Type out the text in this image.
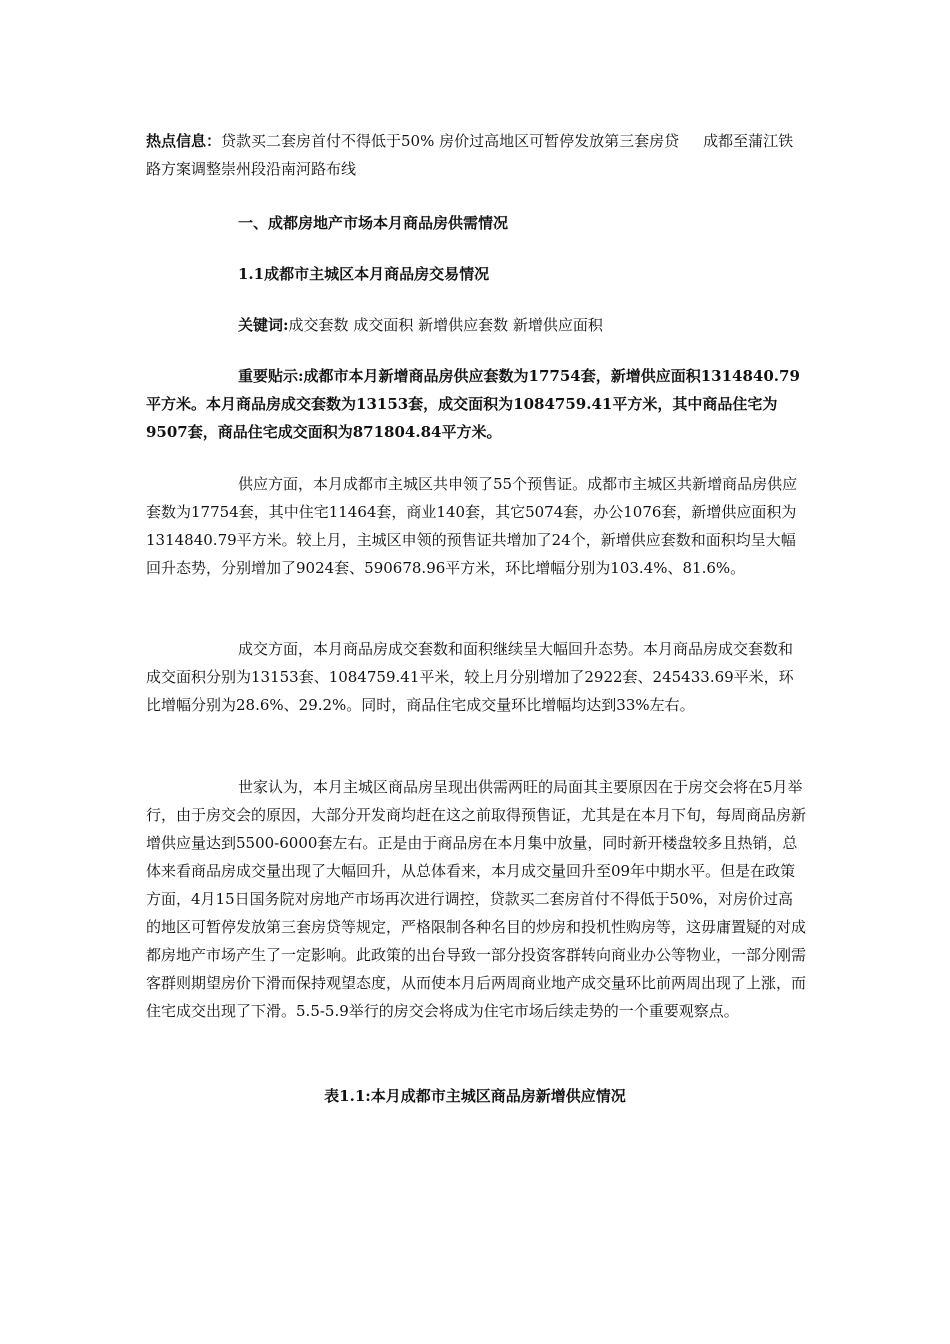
热点信息：贷款买二套房首付不得低于50% 房价过高地区可暂停发放第三套房贷 成都至蒲江铁路方案调整崇州段沿南河路布线
一、成都房地产市场本月商品房供需情况
1.1成都市主城区本月商品房交易情况
关键词:成交套数 成交面积 新增供应套数 新增供应面积
重要贴示:成都市本月新增商品房供应套数为17754套，新增供应面积1314840.79平方米。本月商品房成交套数为13153套，成交面积为1084759.41平方米，其中商品住宅为9507套，商品住宅成交面积为871804.84平方米。
供应方面，本月成都市主城区共申领了55个预售证。成都市主城区共新增商品房供应套数为17754套，其中住宅11464套，商业140套，其它5074套，办公1076套，新增供应面积为1314840.79平方米。较上月，主城区申领的预售证共增加了24个，新增供应套数和面积均呈大幅回升态势，分别增加了9024套、590678.96平方米，环比增幅分别为103.4%、81.6%。
成交方面，本月商品房成交套数和面积继续呈大幅回升态势。本月商品房成交套数和成交面积分别为13153套、1084759.41平米，较上月分别增加了2922套、245433.69平米，环比增幅分别为28.6%、29.2%。同时，商品住宅成交量环比增幅均达到33%左右。
世家认为，本月主城区商品房呈现出供需两旺的局面其主要原因在于房交会将在5月举行，由于房交会的原因，大部分开发商均赶在这之前取得预售证，尤其是在本月下旬，每周商品房新增供应量达到5500-6000套左右。正是由于商品房在本月集中放量，同时新开楼盘较多且热销，总体来看商品房成交量出现了大幅回升，从总体看来，本月成交量回升至09年中期水平。但是在政策方面，4月15日国务院对房地产市场再次进行调控，贷款买二套房首付不得低于50%，对房价过高的地区可暂停发放第三套房贷等规定，严格限制各种名目的炒房和投机性购房等，这毋庸置疑的对成都房地产市场产生了一定影响。此政策的出台导致一部分投资客群转向商业办公等物业，一部分刚需客群则期望房价下滑而保持观望态度，从而使本月后两周商业地产成交量环比前两周出现了上涨，而住宅成交出现了下滑。5.5-5.9举行的房交会将成为住宅市场后续走势的一个重要观察点。
表1.1:本月成都市主城区商品房新增供应情况
